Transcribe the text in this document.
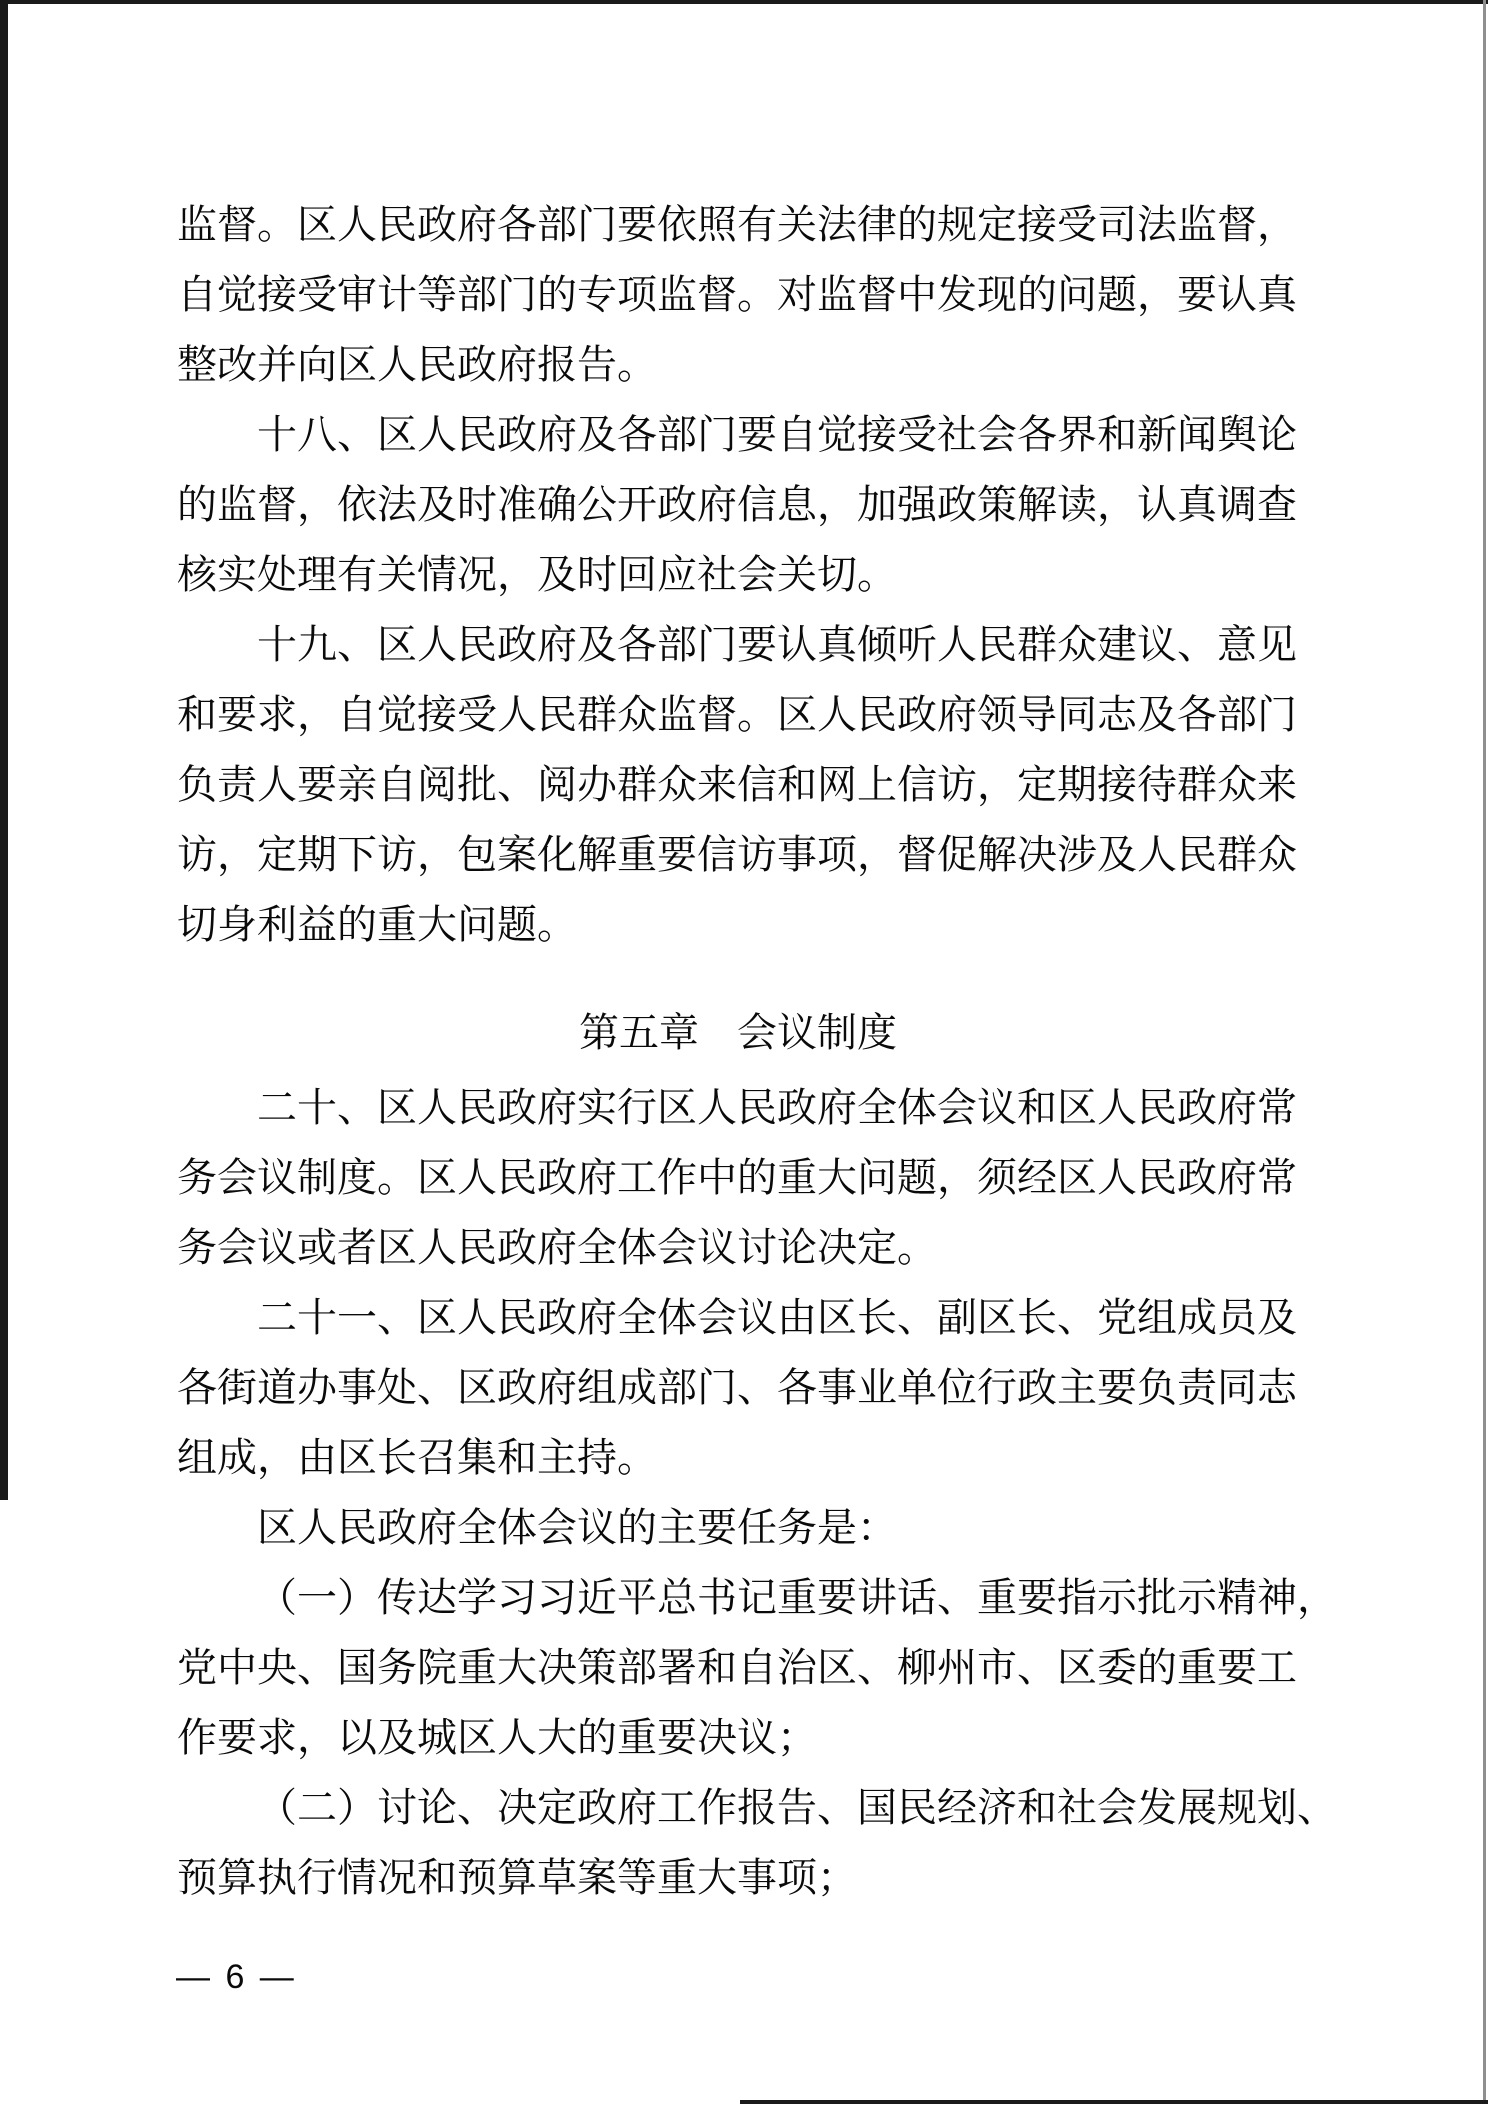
监督。区人民政府各部门要依照有关法律的规定接受司法监督，
自觉接受审计等部门的专项监督。对监督中发现的问题，要认真
整改并向区人民政府报告。
十八、区人民政府及各部门要自觉接受社会各界和新闻舆论
的监督，依法及时准确公开政府信息，加强政策解读，认真调查
核实处理有关情况，及时回应社会关切。
十九、区人民政府及各部门要认真倾听人民群众建议、意见
和要求，自觉接受人民群众监督。区人民政府领导同志及各部门
负责人要亲自阅批、阅办群众来信和网上信访，定期接待群众来
访，定期下访，包案化解重要信访事项，督促解决涉及人民群众
切身利益的重大问题。
第五章 会议制度
二十、区人民政府实行区人民政府全体会议和区人民政府常
务会议制度。区人民政府工作中的重大问题，须经区人民政府常
务会议或者区人民政府全体会议讨论决定。
二十一、区人民政府全体会议由区长、副区长、党组成员及
各街道办事处、区政府组成部门、各事业单位行政主要负责同志
组成，由区长召集和主持。
区人民政府全体会议的主要任务是：
（一）传达学习习近平总书记重要讲话、重要指示批示精神，
党中央、国务院重大决策部署和自治区、柳州市、区委的重要工
作要求，以及城区人大的重要决议；
（二）讨论、决定政府工作报告、国民经济和社会发展规划、
预算执行情况和预算草案等重大事项；
— 6 —
